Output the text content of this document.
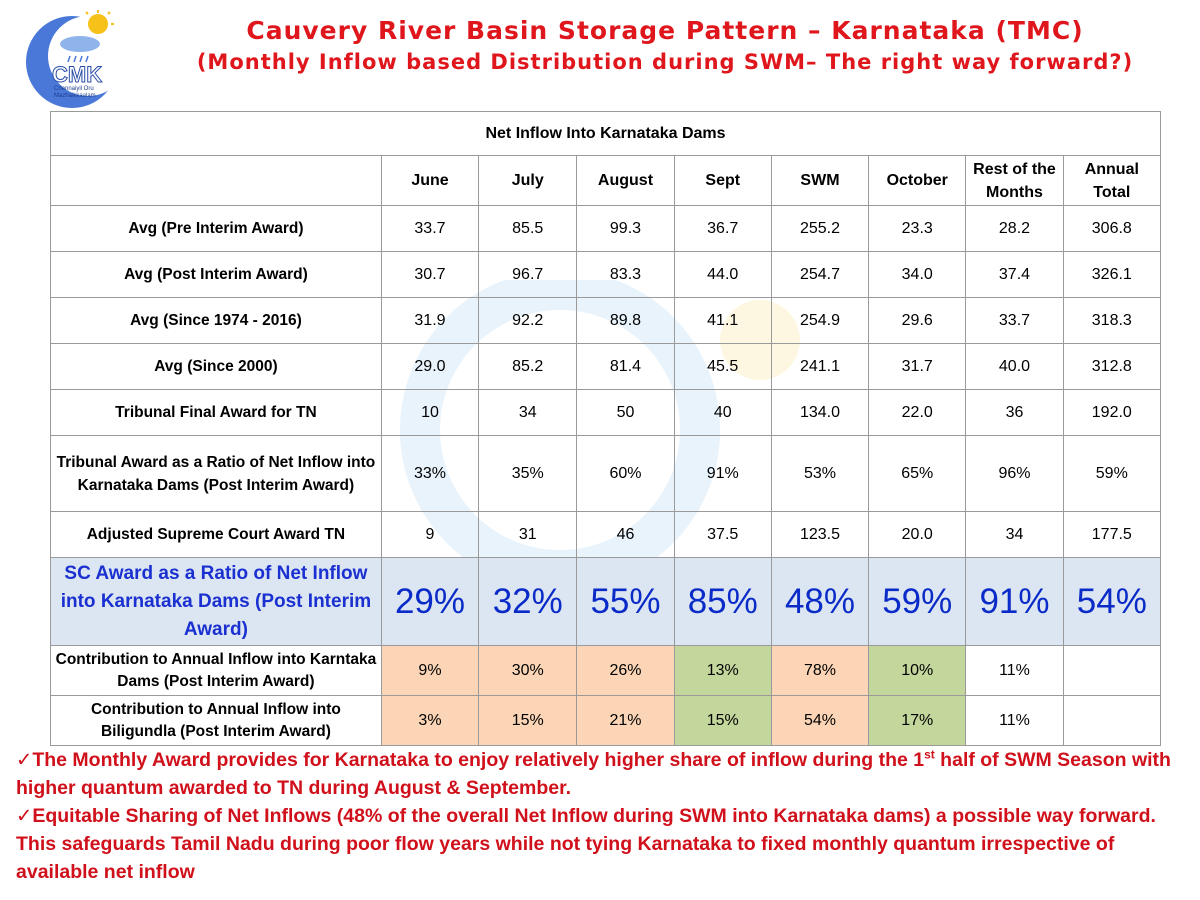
CMK
Chennaiyil Oru Mazhaikkaalam
Cauvery River Basin Storage Pattern – Karnataka (TMC)
(Monthly Inflow based Distribution during SWM– The right way forward?)
Net Inflow Into Karnataka Dams								
	June	July	August	Sept	SWM	October	Rest of the Months	Annual Total
Avg (Pre Interim Award)	33.7	85.5	99.3	36.7	255.2	23.3	28.2	306.8
Avg (Post Interim Award)	30.7	96.7	83.3	44.0	254.7	34.0	37.4	326.1
Avg (Since 1974 - 2016)	31.9	92.2	89.8	41.1	254.9	29.6	33.7	318.3
Avg (Since 2000)	29.0	85.2	81.4	45.5	241.1	31.7	40.0	312.8
Tribunal Final Award for TN	10	34	50	40	134.0	22.0	36	192.0
Tribunal Award as a Ratio of Net Inflow into Karnataka Dams (Post Interim Award)	33%	35%	60%	91%	53%	65%	96%	59%
Adjusted Supreme Court Award TN	9	31	46	37.5	123.5	20.0	34	177.5
SC Award as a Ratio of Net Inflow into Karnataka Dams (Post Interim Award)	29%	32%	55%	85%	48%	59%	91%	54%
Contribution to Annual Inflow into Karntaka Dams (Post Interim Award)	9%	30%	26%	13%	78%	10%	11%	
Contribution to Annual Inflow into Biligundla (Post Interim Award)	3%	15%	21%	15%	54%	17%	11%	

✓The Monthly Award provides for Karnataka to enjoy relatively higher share of inflow during the 1st half of SWM Season with higher quantum awarded to TN during August & September.

✓Equitable Sharing of Net Inflows (48% of the overall Net Inflow during SWM into Karnataka dams) a possible way forward. This safeguards Tamil Nadu during poor flow years while not tying Karnataka to fixed monthly quantum irrespective of available net inflow
